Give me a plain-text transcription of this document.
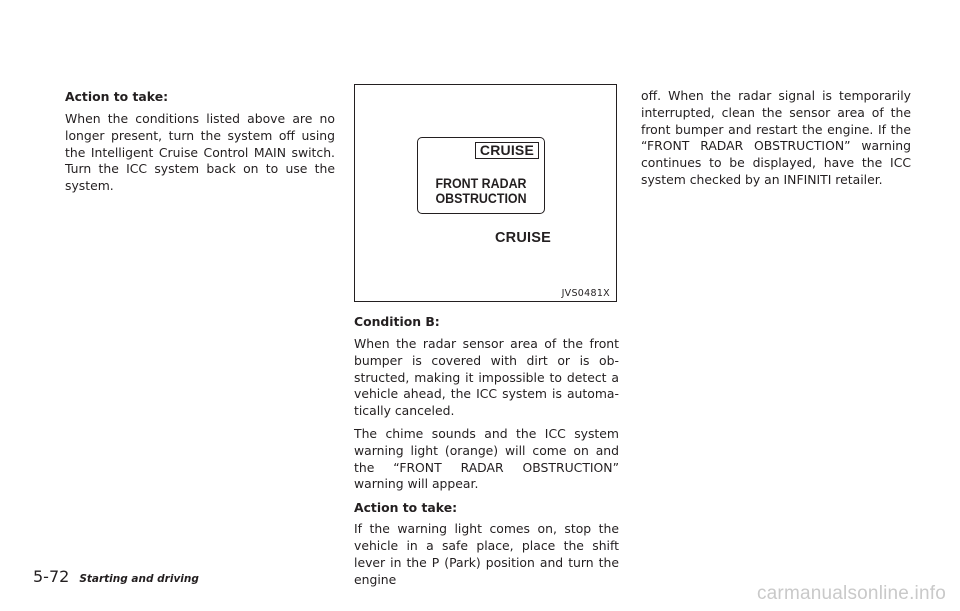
Action to take:

When the conditions listed above are no longer present, turn the system off using the Intelligent Cruise Control MAIN switch. Turn the ICC system back on to use the system.

CRUISE
FRONT RADAR
OBSTRUCTION
CRUISE
JVS0481X

Condition B:

When the radar sensor area of the front bumper is covered with dirt or is obstructed, making it impossible to detect a vehicle ahead, the ICC system is automatically canceled.

The chime sounds and the ICC system warning light (orange) will come on and the “FRONT RADAR OBSTRUCTION” warning will appear.

Action to take:

If the warning light comes on, stop the vehicle in a safe place, place the shift lever in the P (Park) position and turn the engine

off. When the radar signal is temporarily interrupted, clean the sensor area of the front bumper and restart the engine. If the “FRONT RADAR OBSTRUCTION” warning continues to be displayed, have the ICC system checked by an INFINITI retailer.

5-72 Starting and driving
carmanualsonline.info
